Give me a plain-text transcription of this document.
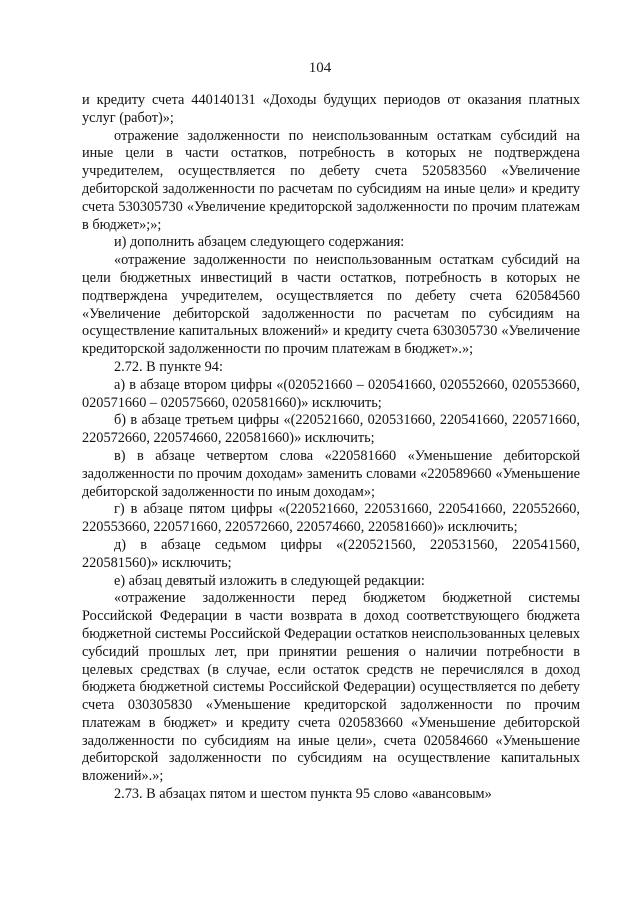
104

и кредиту счета 440140131 «Доходы будущих периодов от оказания платных услуг (работ)»;

отражение задолженности по неиспользованным остаткам субсидий на иные цели в части остатков, потребность в которых не подтверждена учредителем, осуществляется по дебету счета 520583560 «Увеличение дебиторской задолженности по расчетам по субсидиям на иные цели» и кредиту счета 530305730 «Увеличение кредиторской задолженности по прочим платежам в бюджет»;»;

и) дополнить абзацем следующего содержания:

«отражение задолженности по неиспользованным остаткам субсидий на цели бюджетных инвестиций в части остатков, потребность в которых не подтверждена учредителем, осуществляется по дебету счета 620584560 «Увеличение дебиторской задолженности по расчетам по субсидиям на осуществление капитальных вложений» и кредиту счета 630305730 «Увеличение кредиторской задолженности по прочим платежам в бюджет».»;

2.72. В пункте 94:

а) в абзаце втором цифры «(020521660 – 020541660, 020552660, 020553660, 020571660 – 020575660, 020581660)» исключить;

б) в абзаце третьем цифры «(220521660, 020531660, 220541660, 220571660, 220572660, 220574660, 220581660)» исключить;

в) в абзаце четвертом слова «220581660 «Уменьшение дебиторской задолженности по прочим доходам» заменить словами «220589660 «Уменьшение дебиторской задолженности по иным доходам»;

г) в абзаце пятом цифры «(220521660, 220531660, 220541660, 220552660, 220553660, 220571660, 220572660, 220574660, 220581660)» исключить;

д) в абзаце седьмом цифры «(220521560, 220531560, 220541560, 220581560)» исключить;

е) абзац девятый изложить в следующей редакции:

«отражение задолженности перед бюджетом бюджетной системы Российской Федерации в части возврата в доход соответствующего бюджета бюджетной системы Российской Федерации остатков неиспользованных целевых субсидий прошлых лет, при принятии решения о наличии потребности в целевых средствах (в случае, если остаток средств не перечислялся в доход бюджета бюджетной системы Российской Федерации) осуществляется по дебету счета 030305830 «Уменьшение кредиторской задолженности по прочим платежам в бюджет» и кредиту счета 020583660 «Уменьшение дебиторской задолженности по субсидиям на иные цели», счета 020584660 «Уменьшение дебиторской задолженности по субсидиям на осуществление капитальных вложений».»;

2.73. В абзацах пятом и шестом пункта 95 слово «авансовым»
